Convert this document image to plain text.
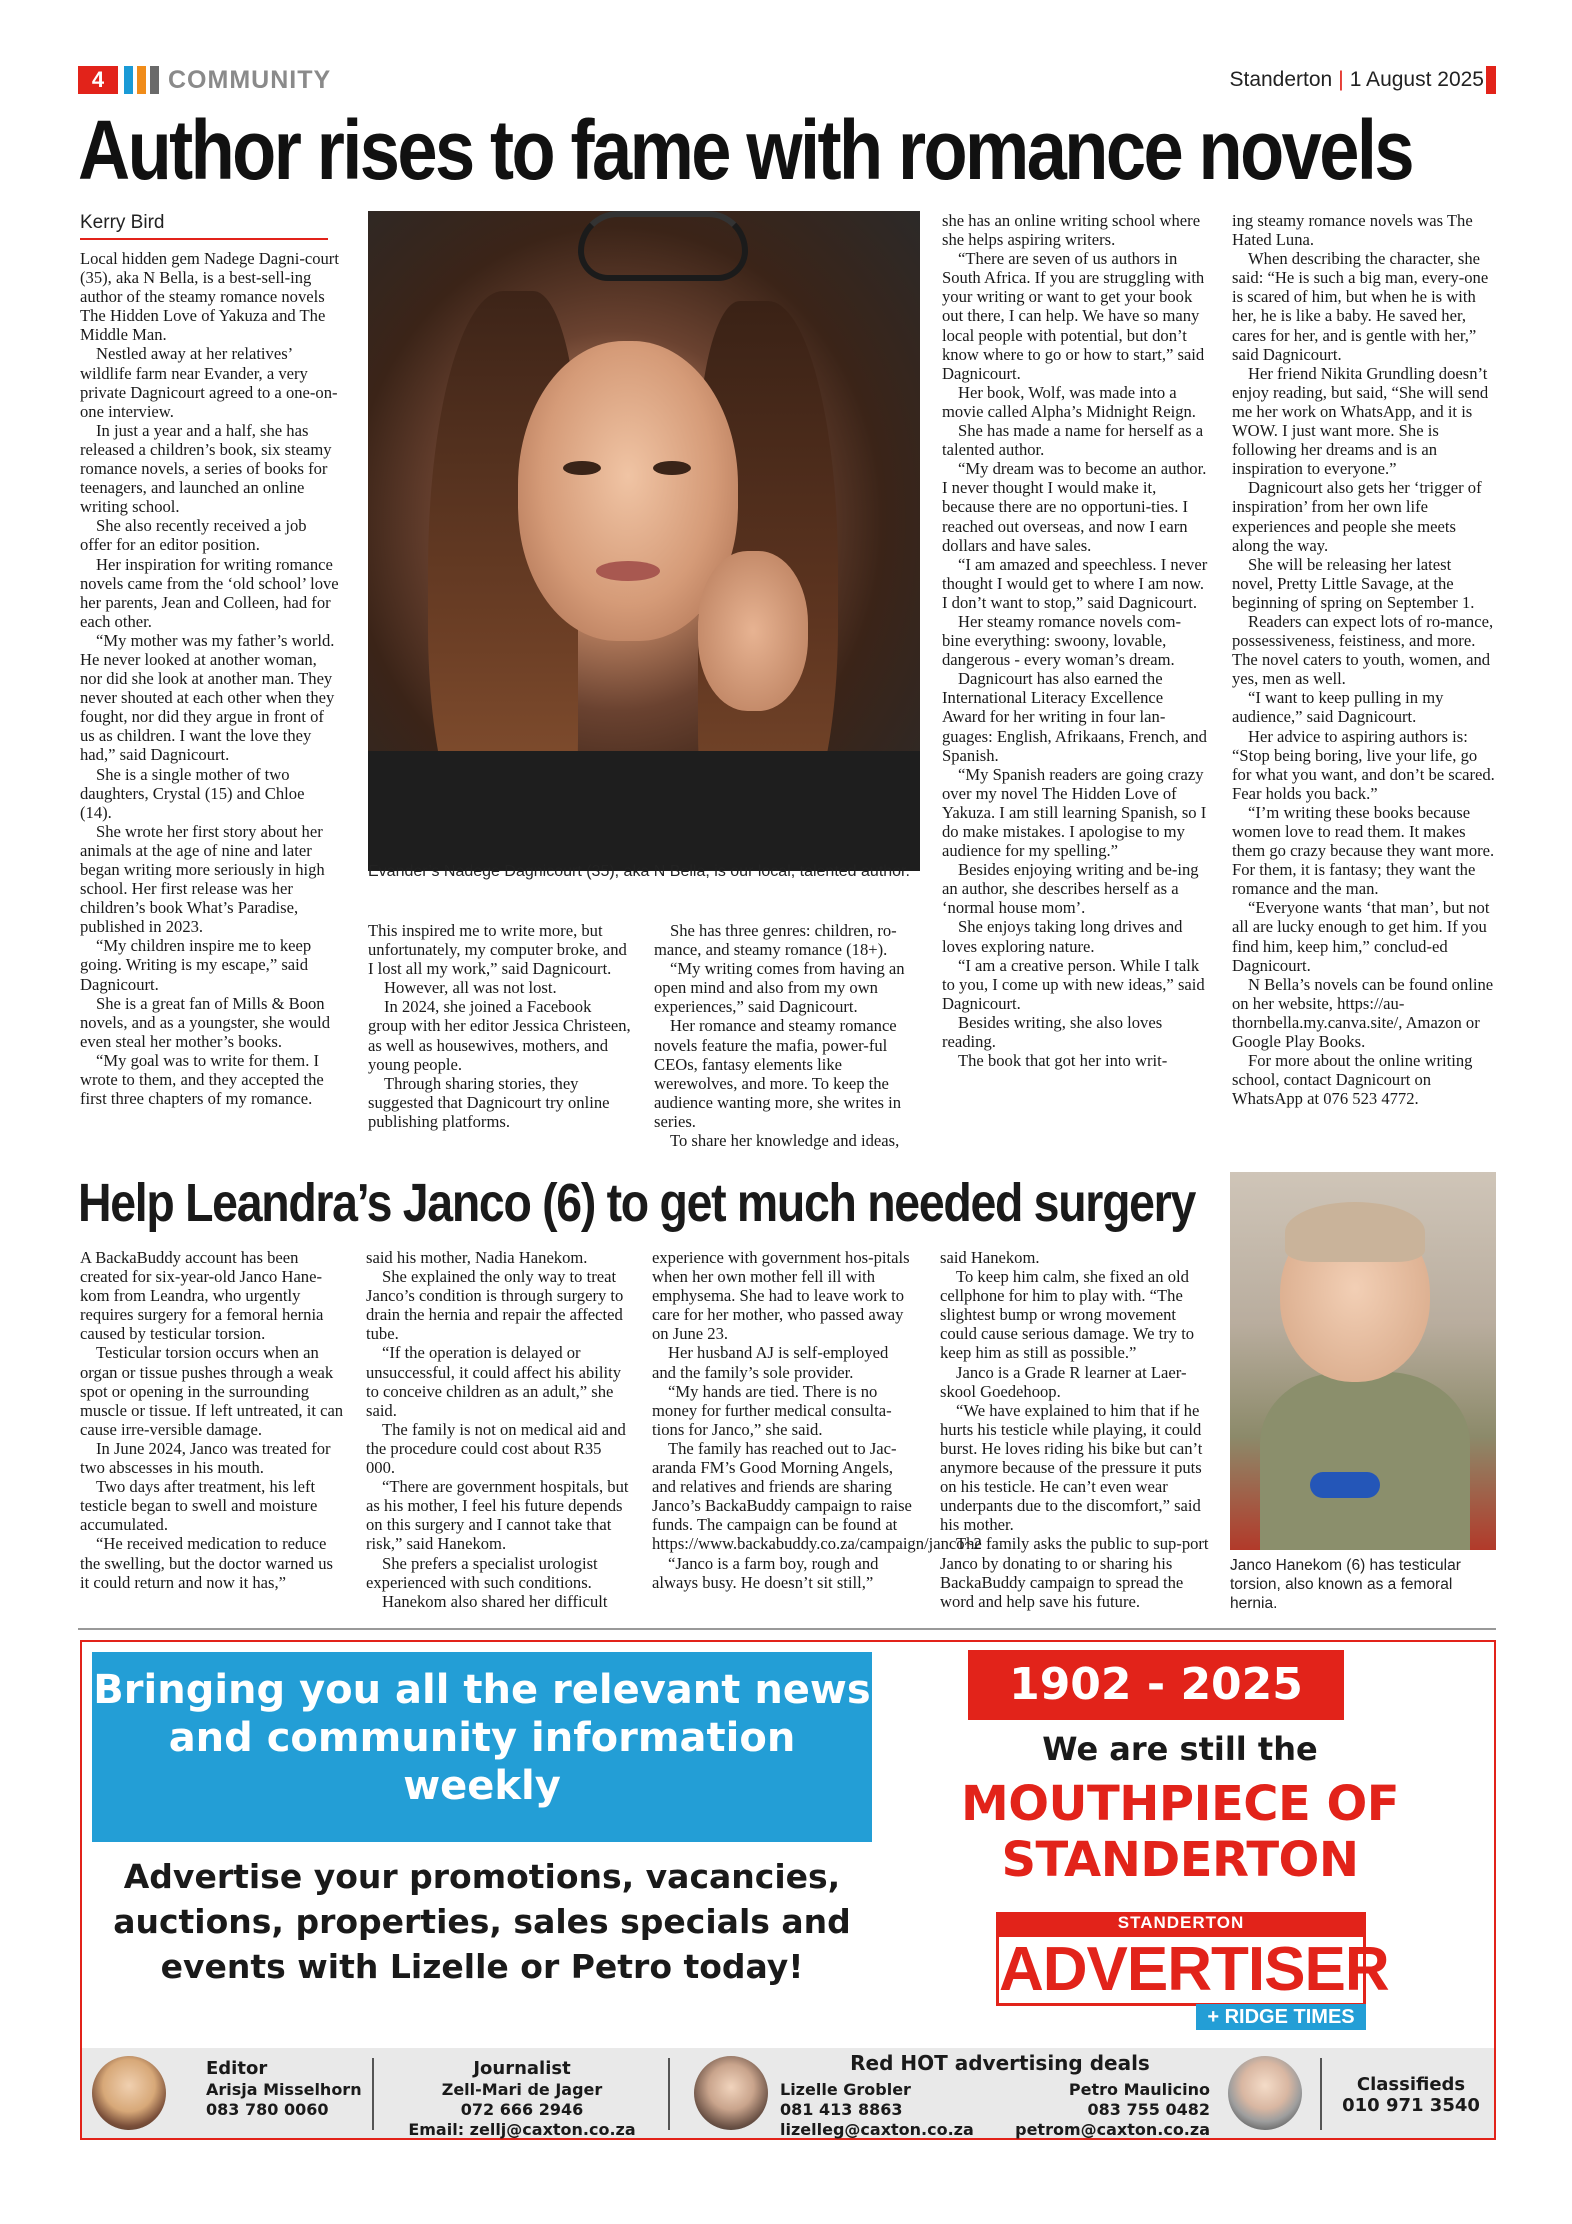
4	COMMUNITY	Standerton | 1 August 2025
Author rises to fame with romance novels
Kerry Bird

Local hidden gem Nadege Dagni-court (35), aka N Bella, is a best-sell-ing author of the steamy romance novels The Hidden Love of Yakuza and The Middle Man.

Nestled away at her relatives’ wildlife farm near Evander, a very private Dagnicourt agreed to a one-on-one interview.

In just a year and a half, she has released a children’s book, six steamy romance novels, a series of books for teenagers, and launched an online writing school.

She also recently received a job offer for an editor position.

Her inspiration for writing romance novels came from the ‘old school’ love her parents, Jean and Colleen, had for each other.

“My mother was my father’s world. He never looked at another woman, nor did she look at another man. They never shouted at each other when they fought, nor did they argue in front of us as children. I want the love they had,” said Dagnicourt.

She is a single mother of two daughters, Crystal (15) and Chloe (14).

She wrote her first story about her animals at the age of nine and later began writing more seriously in high school. Her first release was her children’s book What’s Paradise, published in 2023.

“My children inspire me to keep going. Writing is my escape,” said Dagnicourt.

She is a great fan of Mills & Boon novels, and as a youngster, she would even steal her mother’s books.

“My goal was to write for them. I wrote to them, and they accepted the first three chapters of my romance.

Evander’s Nadege Dagnicourt (35), aka N Bella, is our local, talented author.

This inspired me to write more, but unfortunately, my computer broke, and I lost all my work,” said Dagnicourt.

However, all was not lost.

In 2024, she joined a Facebook group with her editor Jessica Christeen, as well as housewives, mothers, and young people.

Through sharing stories, they suggested that Dagnicourt try online publishing platforms.

She has three genres: children, ro-mance, and steamy romance (18+).

“My writing comes from having an open mind and also from my own experiences,” said Dagnicourt.

Her romance and steamy romance novels feature the mafia, power-ful CEOs, fantasy elements like werewolves, and more. To keep the audience wanting more, she writes in series.

To share her knowledge and ideas,

she has an online writing school where she helps aspiring writers.

“There are seven of us authors in South Africa. If you are struggling with your writing or want to get your book out there, I can help. We have so many local people with potential, but don’t know where to go or how to start,” said Dagnicourt.

Her book, Wolf, was made into a movie called Alpha’s Midnight Reign.

She has made a name for herself as a talented author.

“My dream was to become an author. I never thought I would make it, because there are no opportuni-ties. I reached out overseas, and now I earn dollars and have sales.

“I am amazed and speechless. I never thought I would get to where I am now. I don’t want to stop,” said Dagnicourt.

Her steamy romance novels com-bine everything: swoony, lovable, dangerous - every woman’s dream.

Dagnicourt has also earned the International Literacy Excellence Award for her writing in four lan-guages: English, Afrikaans, French, and Spanish.

“My Spanish readers are going crazy over my novel The Hidden Love of Yakuza. I am still learning Spanish, so I do make mistakes. I apologise to my audience for my spelling.”

Besides enjoying writing and be-ing an author, she describes herself as a ‘normal house mom’.

She enjoys taking long drives and loves exploring nature.

“I am a creative person. While I talk to you, I come up with new ideas,” said Dagnicourt.

Besides writing, she also loves reading.

The book that got her into writ-

ing steamy romance novels was The Hated Luna.

When describing the character, she said: “He is such a big man, every-one is scared of him, but when he is with her, he is like a baby. He saved her, cares for her, and is gentle with her,” said Dagnicourt.

Her friend Nikita Grundling doesn’t enjoy reading, but said, “She will send me her work on WhatsApp, and it is WOW. I just want more. She is following her dreams and is an inspiration to everyone.”

Dagnicourt also gets her ‘trigger of inspiration’ from her own life experiences and people she meets along the way.

She will be releasing her latest novel, Pretty Little Savage, at the beginning of spring on September 1.

Readers can expect lots of ro-mance, possessiveness, feistiness, and more. The novel caters to youth, women, and yes, men as well.

“I want to keep pulling in my audience,” said Dagnicourt.

Her advice to aspiring authors is: “Stop being boring, live your life, go for what you want, and don’t be scared. Fear holds you back.”

“I’m writing these books because women love to read them. It makes them go crazy because they want more. For them, it is fantasy; they want the romance and the man.

“Everyone wants ‘that man’, but not all are lucky enough to get him. If you find him, keep him,” conclud-ed Dagnicourt.

N Bella’s novels can be found online on her website, https://au-thornbella.my.canva.site/, Amazon or Google Play Books.

For more about the online writing school, contact Dagnicourt on WhatsApp at 076 523 4772.

Help Leandra’s Janco (6) to get much needed surgery

A BackaBuddy account has been created for six-year-old Janco Hane-kom from Leandra, who urgently requires surgery for a femoral hernia caused by testicular torsion.

Testicular torsion occurs when an organ or tissue pushes through a weak spot or opening in the surrounding muscle or tissue. If left untreated, it can cause irre-versible damage.

In June 2024, Janco was treated for two abscesses in his mouth.

Two days after treatment, his left testicle began to swell and moisture accumulated.

“He received medication to reduce the swelling, but the doctor warned us it could return and now it has,”

said his mother, Nadia Hanekom.

She explained the only way to treat Janco’s condition is through surgery to drain the hernia and repair the affected tube.

“If the operation is delayed or unsuccessful, it could affect his ability to conceive children as an adult,” she said.

The family is not on medical aid and the procedure could cost about R35 000.

“There are government hospitals, but as his mother, I feel his future depends on this surgery and I cannot take that risk,” said Hanekom.

She prefers a specialist urologist experienced with such conditions.

Hanekom also shared her difficult

experience with government hos-pitals when her own mother fell ill with emphysema. She had to leave work to care for her mother, who passed away on June 23.

Her husband AJ is self-employed and the family’s sole provider.

“My hands are tied. There is no money for further medical consulta-tions for Janco,” she said.

The family has reached out to Jac-aranda FM’s Good Morning Angels, and relatives and friends are sharing Janco’s BackaBuddy campaign to raise funds. The campaign can be found at https://www.backabuddy.co.za/campaign/janco~2

“Janco is a farm boy, rough and always busy. He doesn’t sit still,”

said Hanekom.

To keep him calm, she fixed an old cellphone for him to play with. “The slightest bump or wrong movement could cause serious damage. We try to keep him as still as possible.”

Janco is a Grade R learner at Laer-skool Goedehoop.

“We have explained to him that if he hurts his testicle while playing, it could burst. He loves riding his bike but can’t anymore because of the pressure it puts on his testicle. He can’t even wear underpants due to the discomfort,” said his mother.

The family asks the public to sup-port Janco by donating to or sharing his BackaBuddy campaign to spread the word and help save his future.

Janco Hanekom (6) has testicular torsion, also known as a femoral hernia.
Bringing you all the relevant news and community information weekly
Advertise your promotions, vacancies, auctions, properties, sales specials and events with Lizelle or Petro today!
1902 - 2025
We are still the
MOUTHPIECE OF STANDERTON
STANDERTON
ADVERTISER
+ RIDGE TIMES
Editor
Arisja Misselhorn
083 780 0060
Journalist
Zell-Mari de Jager
072 666 2946
Email: zellj@caxton.co.za
Red HOT advertising deals
Lizelle Grobler
081 413 8863
lizelleg@caxton.co.za
Petro Maulicino
083 755 0482
petrom@caxton.co.za
Classifieds
010 971 3540
